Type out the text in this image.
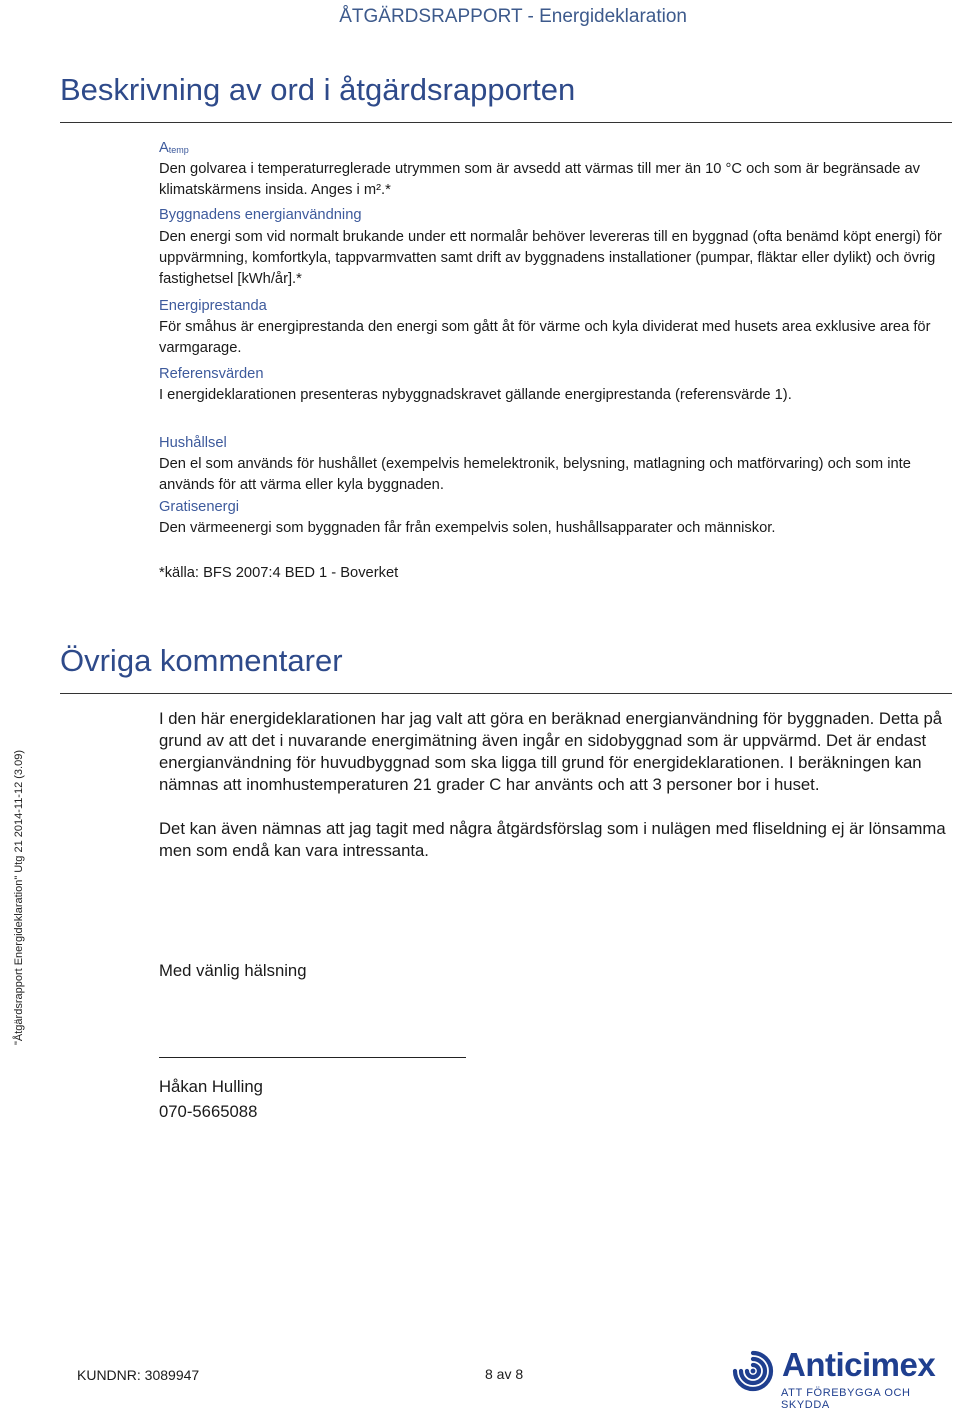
ÅTGÄRDSRAPPORT - Energideklaration
Beskrivning av ord i åtgärdsrapporten
Atemp
Den golvarea i temperaturreglerade utrymmen som är avsedd att värmas till mer än 10 °C och som är begränsade av klimatskärmens insida. Anges i m².*
Byggnadens energianvändning
Den energi som vid normalt brukande under ett normalår behöver levereras till en byggnad (ofta benämd köpt energi) för uppvärmning, komfortkyla, tappvarmvatten samt drift av byggnadens installationer (pumpar, fläktar eller dylikt) och övrig fastighetsel [kWh/år].*
Energiprestanda
För småhus är energiprestanda den energi som gått åt för värme och kyla dividerat med husets area exklusive area för varmgarage.
Referensvärden
I energideklarationen presenteras nybyggnadskravet gällande energiprestanda (referensvärde 1).
Hushållsel
Den el som används för hushållet (exempelvis hemelektronik, belysning, matlagning och matförvaring) och som inte används för att värma eller kyla byggnaden.
Gratisenergi
Den värmeenergi som byggnaden får från exempelvis solen, hushållsapparater och människor.
*källa: BFS 2007:4 BED 1 - Boverket
Övriga kommentarer

I den här energideklarationen har jag valt att göra en beräknad energianvändning för byggnaden. Detta på grund av att det i nuvarande energimätning även ingår en sidobyggnad som är uppvärmd. Det är endast energianvändning för huvudbyggnad som ska ligga till grund för energideklarationen. I beräkningen kan nämnas att inomhustemperaturen 21 grader C har använts och att 3 personer bor i huset.

Det kan även nämnas att jag tagit med några åtgärdsförslag som i nulägen med fliseldning ej är lönsamma men som endå kan vara intressanta.

Med vänlig hälsning
Håkan Hulling
070-5665088
"Åtgärdsrapport Energideklaration" Utg 21 2014-11-12 (3.09)
KUNDNR: 3089947	8 av 8	Anticimex
ATT FÖREBYGGA OCH SKYDDA
